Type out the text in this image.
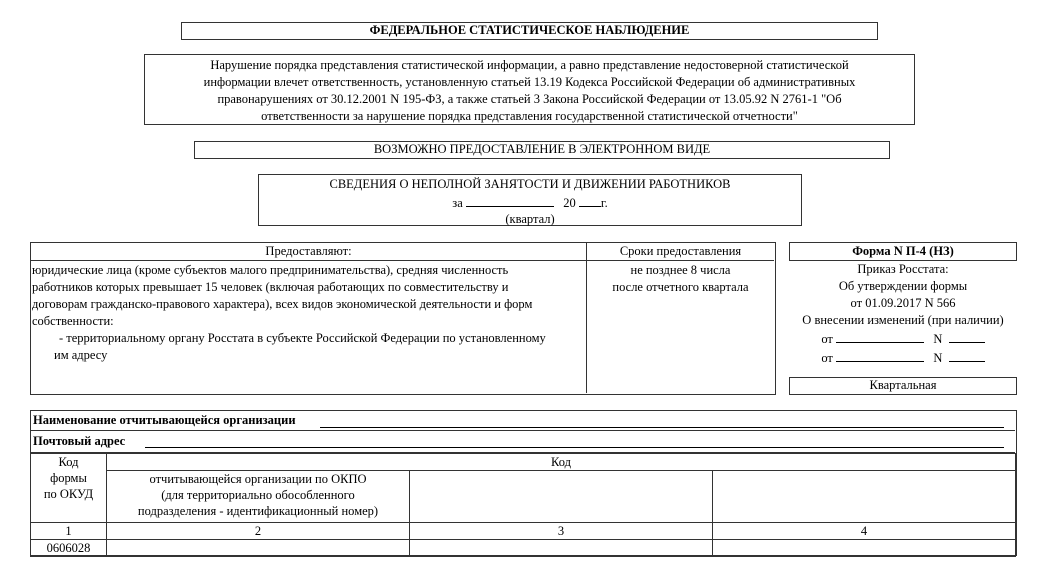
ФЕДЕРАЛЬНОЕ СТАТИСТИЧЕСКОЕ НАБЛЮДЕНИЕ
Нарушение порядка представления статистической информации, а равно представление недостоверной статистической
информации влечет ответственность, установленную статьей 13.19 Кодекса Российской Федерации об административных
правонарушениях от 30.12.2001 N 195-ФЗ, а также статьей 3 Закона Российской Федерации от 13.05.92 N 2761-1 "Об
ответственности за нарушение порядка представления государственной статистической отчетности"
ВОЗМОЖНО ПРЕДОСТАВЛЕНИЕ В ЭЛЕКТРОННОМ ВИДЕ
СВЕДЕНИЯ О НЕПОЛНОЙ ЗАНЯТОСТИ И ДВИЖЕНИИ РАБОТНИКОВ
за	20 г.
(квартал)
Предоставляют:
юридические лица (кроме субъектов малого предпринимательства), средняя численность
работников которых превышает 15 человек (включая работающих по совместительству и
договорам гражданско-правового характера), всех видов экономической деятельности и форм
собственности:
- территориальному органу Росстата в субъекте Российской Федерации по установленному
им адресу
Сроки предоставления
не позднее 8 числа
после отчетного квартала
Форма N П-4 (НЗ)
Приказ Росстата:
Об утверждении формы
от 01.09.2017 N 566
О внесении изменений (при наличии)
от	N
от	N
Квартальная
Наименование отчитывающейся организации
Почтовый адрес
Код
формы
по ОКУД	Код		

	отчитывающейся организации по ОКПО
(для территориально обособленного
подразделения - идентификационный номер)		

1	2	3	4
0606028			
